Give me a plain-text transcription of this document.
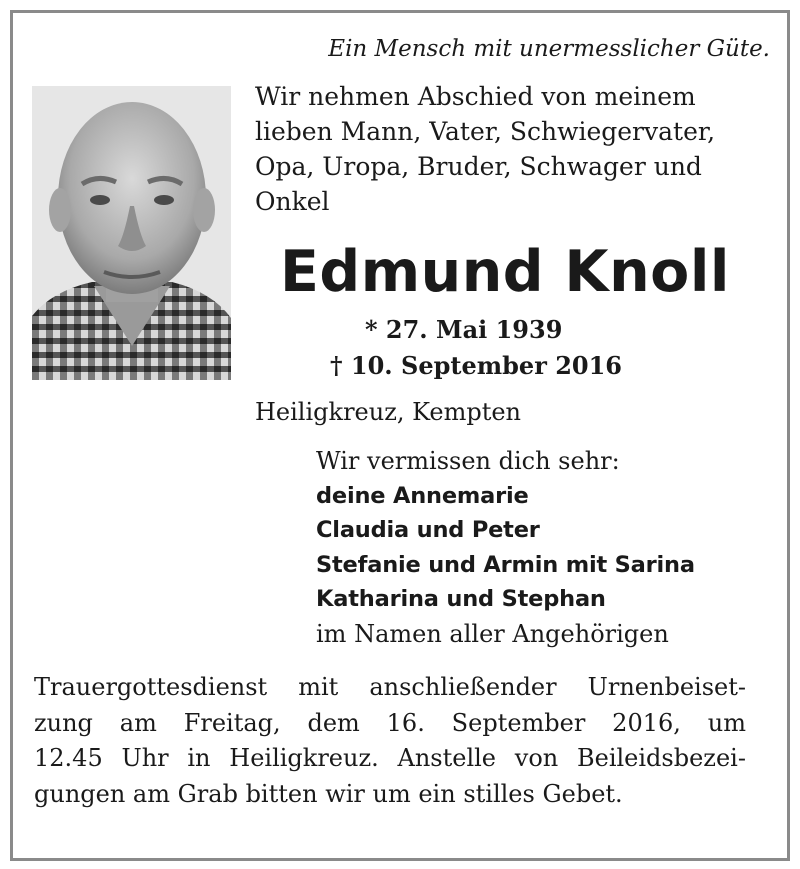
Ein Mensch mit unermesslicher Güte.
Wir nehmen Abschied von meinem
lieben Mann, Vater, Schwiegervater,
Opa, Uropa, Bruder, Schwager und
Onkel
Edmund Knoll
* 27. Mai 1939
† 10. September 2016
Heiligkreuz, Kempten
Wir vermissen dich sehr:
deine Annemarie
Claudia und Peter
Stefanie und Armin mit Sarina
Katharina und Stephan
im Namen aller Angehörigen
Trauergottesdienst mit anschließender Urnenbeiset-
zung am Freitag, dem 16. September 2016, um
12.45 Uhr in Heiligkreuz. Anstelle von Beileidsbezei-
gungen am Grab bitten wir um ein stilles Gebet.
